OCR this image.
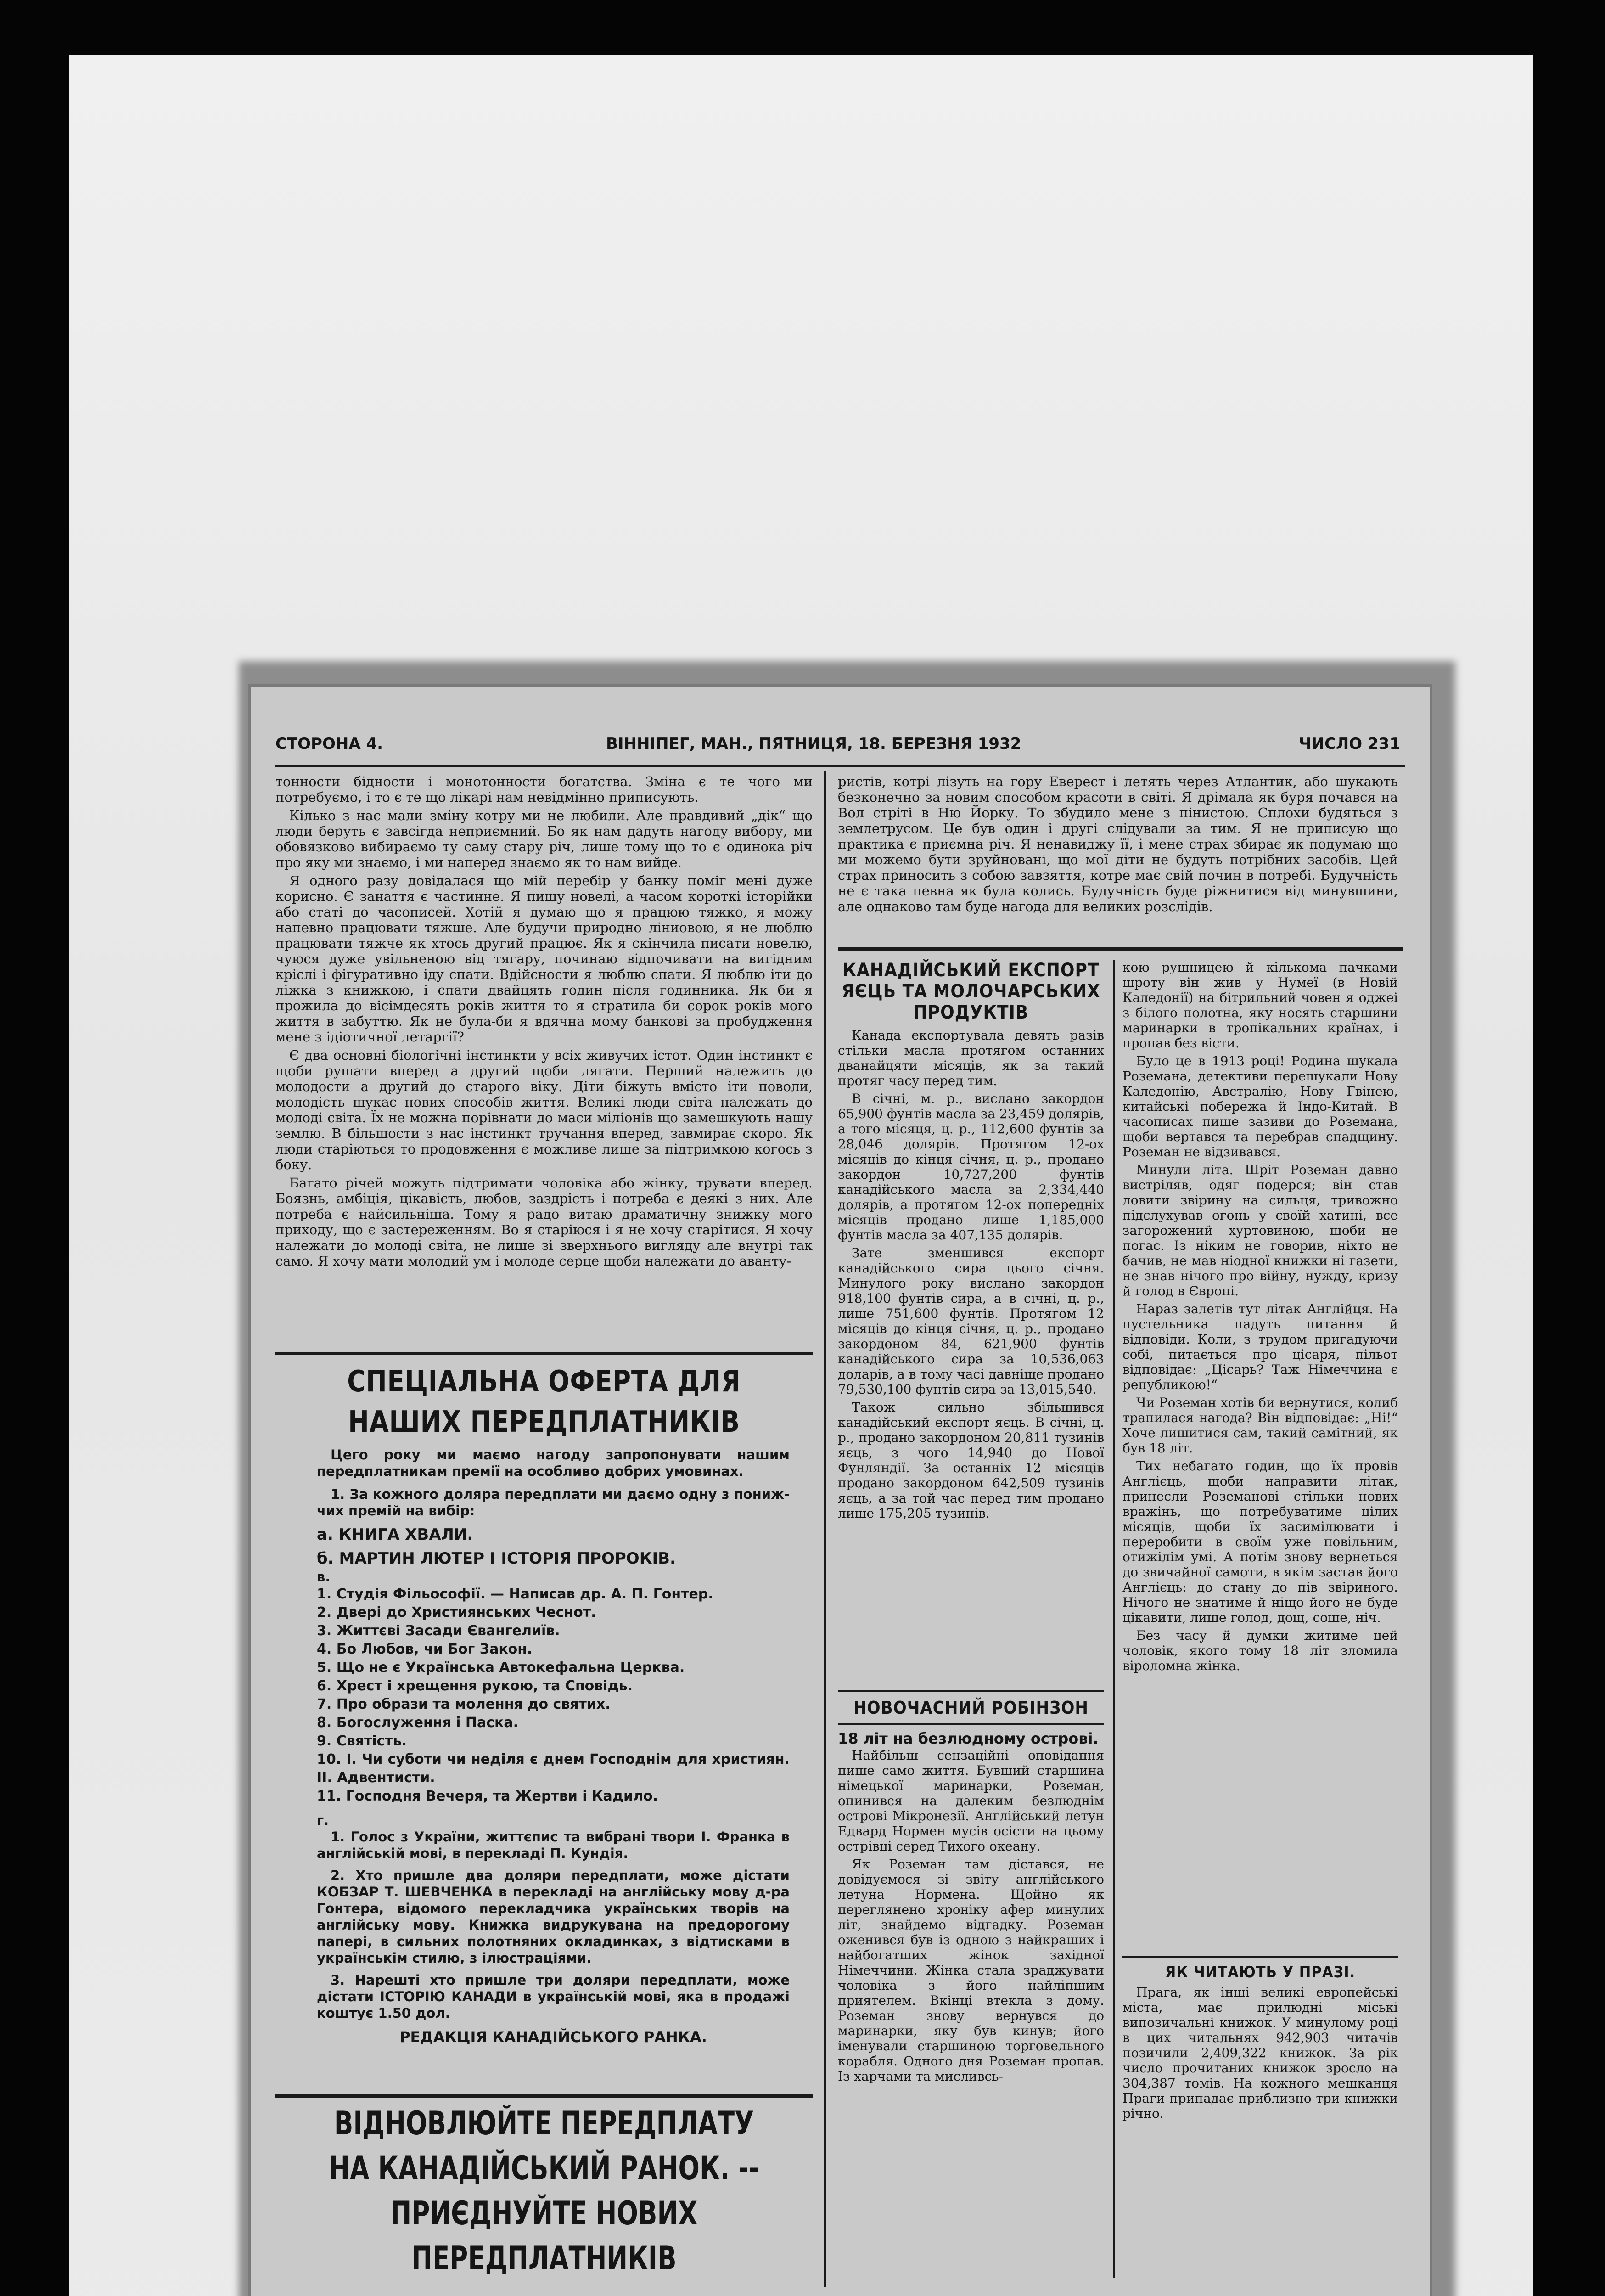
СТОРОНА 4.	ВІННІПЕГ, МАН., ПЯТНИЦЯ, 18. БЕРЕЗНЯ 1932	ЧИСЛО 231

тонности бідности і монотонности богатства. Зміна є те чого ми потребуємо, і то є те що лікарі нам невідмінно приписують.

Кілько з нас мали зміну котру ми не любили. Але правдивий „дік“ що люди беруть є завсігда неприємний. Бо як нам дадуть нагоду вибору, ми обовязково вибираємо ту саму стару річ, лише тому що то є одинока річ про яку ми знаємо, і ми наперед знаємо як то нам вийде.

Я одного разу довідалася що мій перебір у банку поміг мені дуже корисно. Є занаття є частинне. Я пишу новелі, а часом короткі історійки або статі до часописей. Хотій я думаю що я працюю тяжко, я можу напевно працювати тяжше. Але будучи природно ліниовою, я не люблю працювати тяжче як хтось другий працює. Як я скінчила писати новелю, чуюся дуже увільненою від тягару, починаю відпочивати на вигідним кріслі і фігуративно іду спати. Вдійсности я люблю спати. Я люблю іти до ліжка з книжкою, і спати двайцять годин після годинника. Як би я прожила до вісімдесять років життя то я стратила би сорок років мого життя в забуттю. Як не була-би я вдячна мому банкові за пробудження мене з ідіотичної летаргії?

Є два основні біологічні інстинкти у всіх живучих істот. Один інстинкт є щоби рушати вперед а другий щоби лягати. Перший належить до молодости а другий до старого віку. Діти біжуть вмісто іти поволи, молодість шукає нових способів життя. Великі люди світа належать до молоді світа. Їх не можна порівнати до маси міліонів що замешкують нашу землю. В більшости з нас інстинкт тручання вперед, завмирає скоро. Як люди старіються то продовження є можливе лише за підтримкою когось з боку.

Багато річей можуть підтримати чоловіка або жінку, трувати вперед. Боязнь, амбіція, цікавість, любов, заздрість і потреба є деякі з них. Але потреба є найсильніша. Тому я радо витаю драматичну знижку мого приходу, що є застереженням. Во я старіюся і я не хочу старітися. Я хочу належати до молоді світа, не лише зі зверхнього вигляду але внутрі так само. Я хочу мати молодий ум і молоде серце щоби належати до аванту-

ристів, котрі лізуть на гору Еверест і летять через Атлантик, або шукають безконечно за новим способом красоти в світі. Я дрімала як буря почався на Вол стріті в Ню Йорку. То збудило мене з пінистою. Сплохи будяться з землетрусом. Це був один і другі слідували за тим. Я не приписую що практика є приємна річ. Я ненавиджу її, і мене страх збирає як подумаю що ми можемо бути зруйновані, що мої діти не будуть потрібних засобів. Цей страх приносить з собою завзяття, котре має свій почин в потребі. Будучність не є така певна як була колись. Будучність буде ріжнитися від минувшини, але однаково там буде нагода для великих розслідів.

СПЕЦІАЛЬНА ОФЕРТА ДЛЯ НАШИХ ПЕРЕДПЛАТНИКІВ

Цего року ми маємо нагоду запропонувати нашим передплатникам премії на особливо добрих умовинах.

1. За кожного доляра передплати ми даємо одну з пониж-чих премій на вибір:

а. КНИГА ХВАЛИ.
б. МАРТИН ЛЮТЕР І ІСТОРІЯ ПРОРОКІВ.
в.
1. Студія Фільософії. — Написав др. А. П. Гонтер.
2. Двері до Християнських Чеснот.
3. Життєві Засади Євангелиїв.
4. Бо Любов, чи Бог Закон.
5. Що не є Українська Автокефальна Церква.
6. Хрест і хрещення рукою, та Сповідь.
7. Про образи та молення до святих.
8. Богослуження і Паска.
9. Святість.
10. І. Чи суботи чи неділя є днем Господнім для християн. II. Адвентисти.
11. Господня Вечеря, та Жертви і Кадило.
г.

1. Голос з України, життєпис та вибрані твори І. Франка в англійській мові, в перекладі П. Кундія.

2. Хто пришле два доляри передплати, може дістати КОБЗАР Т. ШЕВЧЕНКА в перекладі на англійську мову д-ра Гонтера, відомого перекладчика українських творів на англійську мову. Книжка видрукувана на предорогому папері, в сильних полотняних окладинках, з відтисками в українськім стилю, з ілюстраціями.

3. Нарешті хто пришле три доляри передплати, може дістати ІСТОРІЮ КАНАДИ в українській мові, яка в продажі коштує 1.50 дол.

РЕДАКЦІЯ КАНАДІЙСЬКОГО РАНКА.
ВІДНОВЛЮЙТЕ ПЕРЕДПЛАТУ НА КАНАДІЙСЬКИЙ РАНОК. -- ПРИЄДНУЙТЕ НОВИХ ПЕРЕДПЛАТНИКІВ
КАНАДІЙСЬКИЙ ЕКСПОРТ ЯЄЦЬ ТА МОЛОЧАРСЬКИХ ПРОДУКТІВ

Канада експортувала девять разів стільки масла протягом останних дванайцяти місяців, як за такий протяг часу перед тим.

В січні, м. р., вислано закордон 65,900 фунтів масла за 23,459 долярів, а того місяця, ц. р., 112,600 фунтів за 28,046 долярів. Протягом 12-ох місяців до кінця січня, ц. р., продано закордон 10,727,200 фунтів канадійського масла за 2,334,440 долярів, а протягом 12-ох попередніх місяців продано лише 1,185,000 фунтів масла за 407,135 долярів.

Зате зменшився експорт канадійського сира цього січня. Минулого року вислано закордон 918,100 фунтів сира, а в січні, ц. р., лише 751,600 фунтів. Протягом 12 місяців до кінця січня, ц. р., продано закордоном 84, 621,900 фунтів канадійського сира за 10,536,063 доларів, а в тому часі давніще продано 79,530,100 фунтів сира за 13,015,540.

Також сильно збільшився канадійський експорт яєць. В січні, ц. р., продано закордоном 20,811 тузинів яєць, з чого 14,940 до Нової Фунляндії. За останніх 12 місяців продано закордоном 642,509 тузинів яєць, а за той час перед тим продано лише 175,205 тузинів.

НОВОЧАСНИЙ РОБІНЗОН
18 літ на безлюдному острові.

Найбільш сензаційні оповідання пише само життя. Бувший старшина німецької маринарки, Роземан, опинився на далеким безлюднім острові Мікронезії. Англійський летун Едвард Нормен мусів осісти на цьому острівці серед Тихого океану.

Як Роземан там дістався, не довідуємося зі звіту англійського летуна Нормена. Щойно як переглянено хроніку афер минулих літ, знайдемо відгадку. Роземан оженився був із одною з найкраших і найбогатших жінок західної Німеччини. Жінка стала зраджувати чоловіка з його найліпшим приятелем. Вкінці втекла з дому. Роземан знову вернувся до маринарки, яку був кинув; його іменували старшиною торговельного корабля. Одного дня Роземан пропав. Із харчами та мисливсь-

кою рушницею й кількома пачками шроту він жив у Нумеї (в Новій Каледонії) на бітрильний човен я оджеі з білого полотна, яку носять старшини маринарки в тропікальних країнах, і пропав без вісти.

Було це в 1913 році! Родина шукала Роземана, детективи перешукали Нову Каледонію, Австралію, Нову Гвінею, китайські побережа й Індо-Китай. В часописах пише зазиви до Роземана, щоби вертався та перебрав спадщину. Роземан не відзивався.

Минули літа. Шріт Роземан давно вистріляв, одяг подерся; він став ловити звірину на сильця, тривожно підслухував огонь у своїй хатині, все загорожений хуртовиною, щоби не погас. Із ніким не говорив, ніхто не бачив, не мав ніодної книжки ні газети, не знав нічого про війну, нужду, кризу й голод в Європі.

Нараз залетів тут літак Англійця. На пустельника падуть питання й відповіди. Коли, з трудом пригадуючи собі, питається про цісаря, пільот відповідає: „Цісарь? Таж Німеччина є републикою!“

Чи Роземан хотів би вернутися, колиб трапилася нагода? Він відповідає: „Ні!“ Хоче лишитися сам, такий самітний, як був 18 літ.

Тих небагато годин, що їх провів Англієць, щоби направити літак, принесли Роземанові стільки нових вражінь, що потребуватиме цілих місяців, щоби їх засимілювати і переробити в своїм уже повільним, отижілім умі. А потім знову вернеться до звичайної самоти, в якім застав його Англієць: до стану до пів звіриного. Нічого не знатиме й ніщо його не буде цікавити, лише голод, дощ, соше, ніч.

Без часу й думки житиме цей чоловік, якого тому 18 літ зломила віроломна жінка.

ЯК ЧИТАЮТЬ У ПРАЗІ.

Прага, як інші великі европейські міста, має прилюдні міські випозичальні книжок. У минулому році в цих читальнях 942,903 читачів позичили 2,409,322 книжок. За рік число прочитаних книжок зросло на 304,387 томів. На кожного мешканця Праги припадає приблизно три книжки річно.
